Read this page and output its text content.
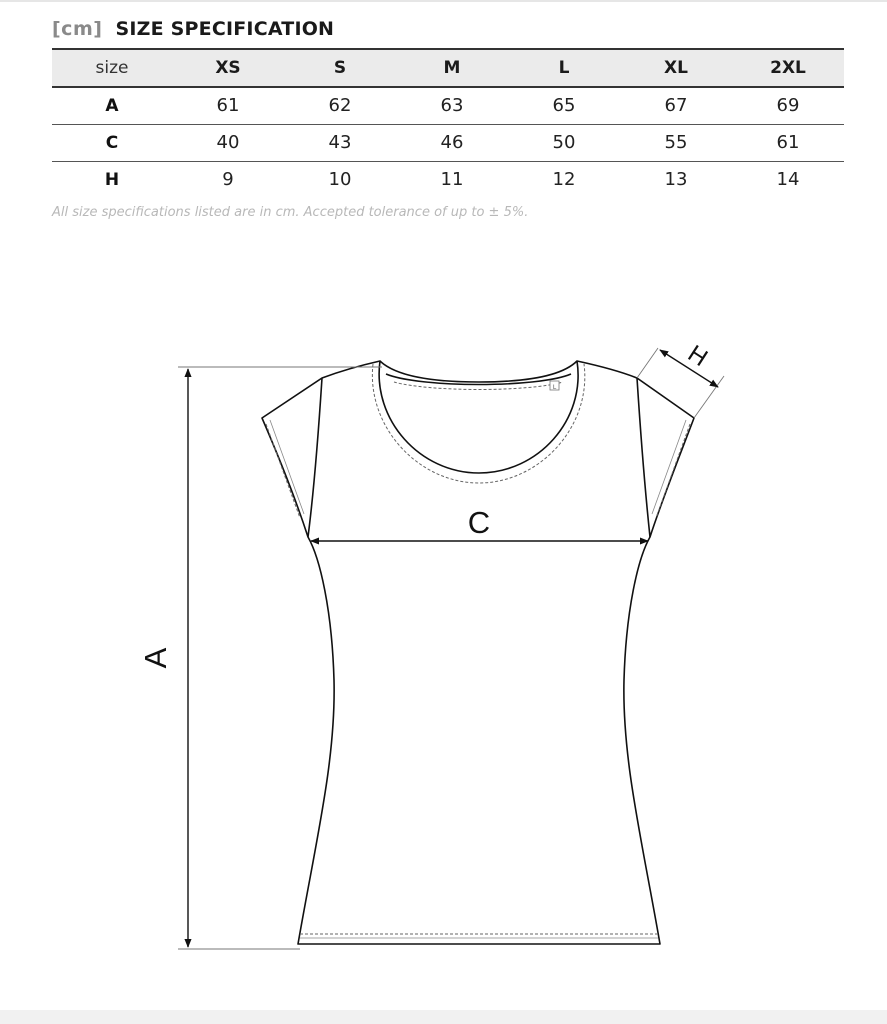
[cm] SIZE SPECIFICATION
size	XS	S	M	L	XL	2XL
A	61	62	63	65	67	69
C	40	43	46	50	55	61
H	9	10	11	12	13	14
All size specifications listed are in cm. Accepted tolerance of up to ± 5%.
L
A
C
H
